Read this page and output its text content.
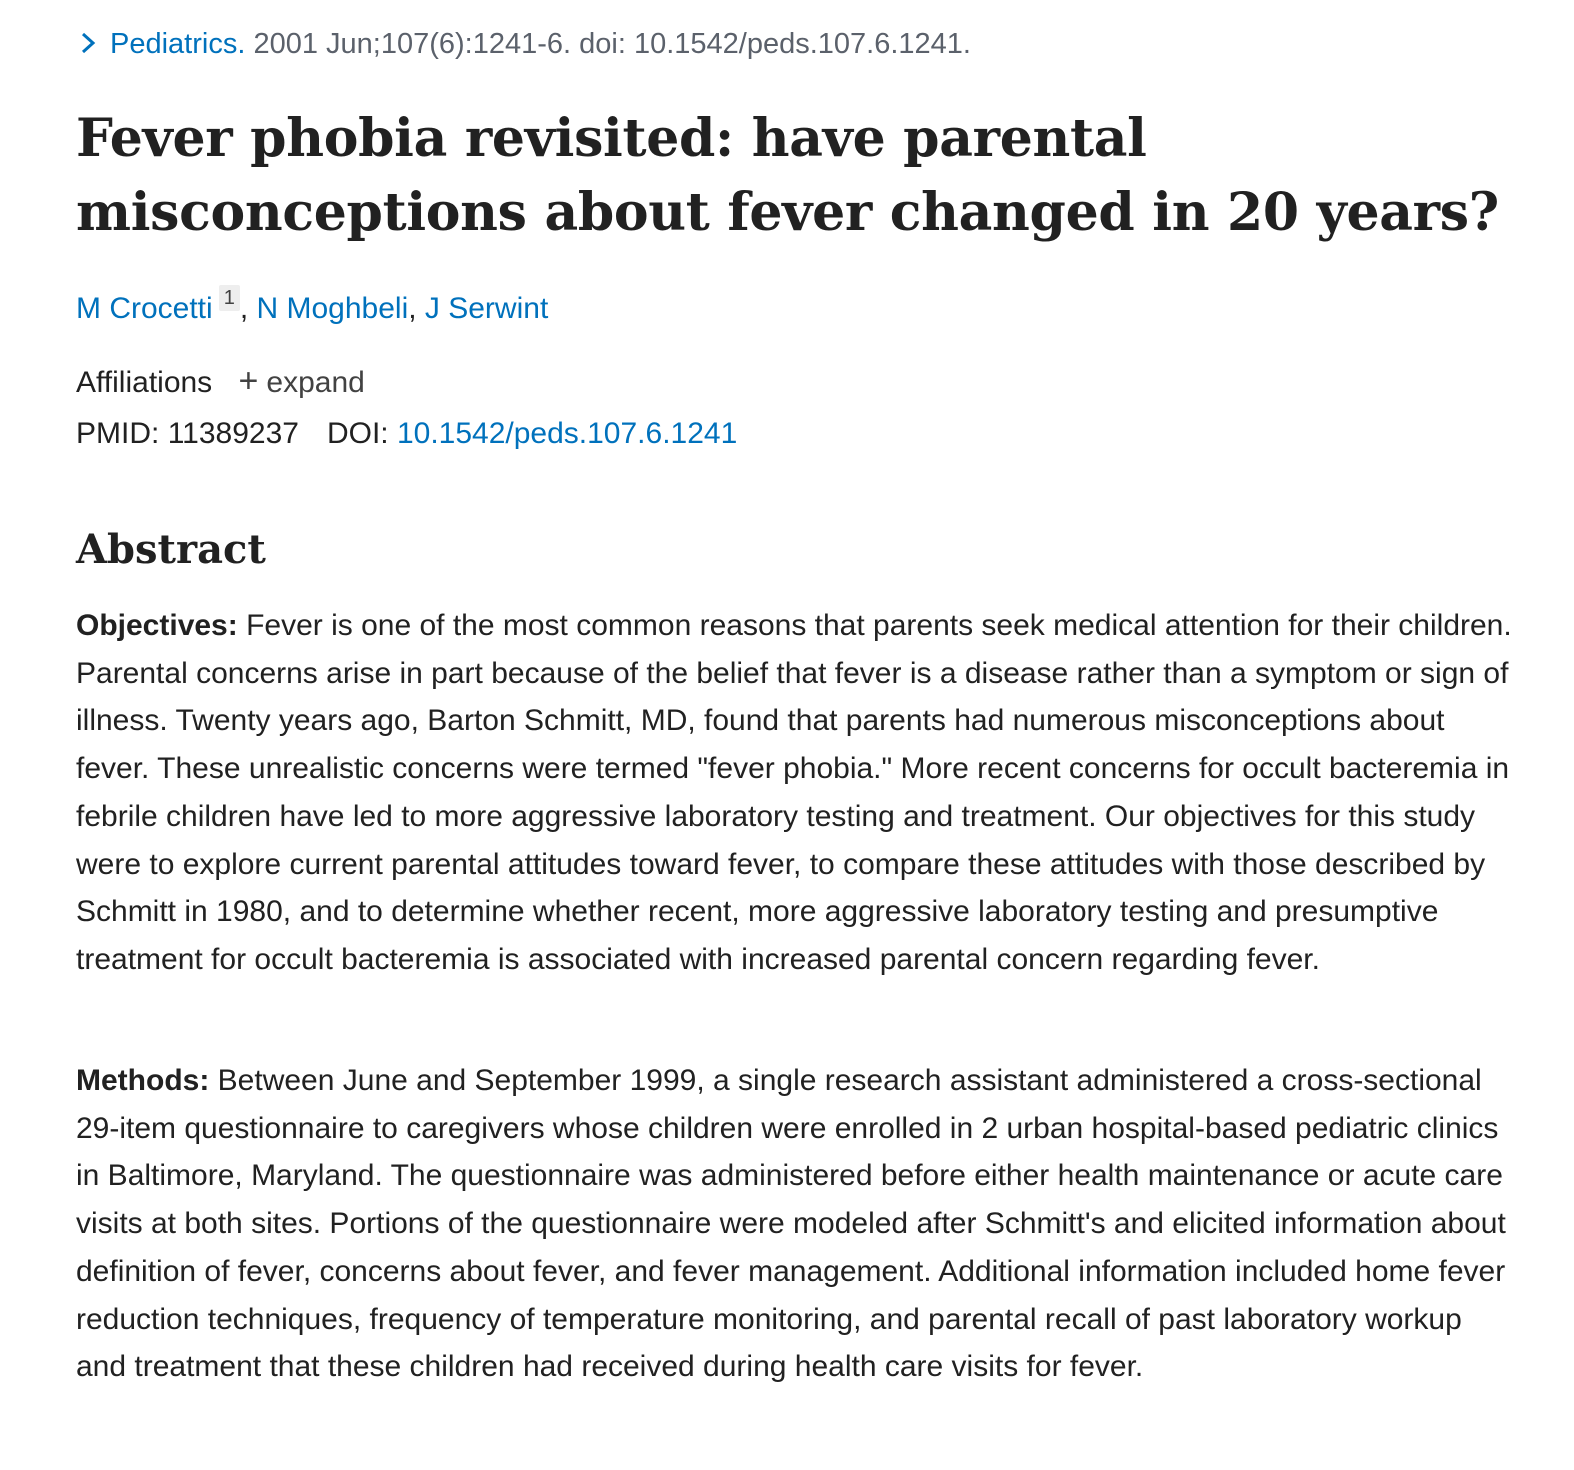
Pediatrics. 2001 Jun;107(6):1241-6. doi: 10.1542/peds.107.6.1241.
Fever phobia revisited: have parental misconceptions about fever changed in 20 years?
M Crocetti 1 , N Moghbeli, J Serwint
Affiliations + expand
PMID: 11389237 DOI: 10.1542/peds.107.6.1241
Abstract

Objectives: Fever is one of the most common reasons that parents seek medical attention for their children. Parental concerns arise in part because of the belief that fever is a disease rather than a symptom or sign of illness. Twenty years ago, Barton Schmitt, MD, found that parents had numerous misconceptions about fever. These unrealistic concerns were termed "fever phobia." More recent concerns for occult bacteremia in febrile children have led to more aggressive laboratory testing and treatment. Our objectives for this study were to explore current parental attitudes toward fever, to compare these attitudes with those described by Schmitt in 1980, and to determine whether recent, more aggressive laboratory testing and presumptive treatment for occult bacteremia is associated with increased parental concern regarding fever.

Methods: Between June and September 1999, a single research assistant administered a cross-sectional 29-item questionnaire to caregivers whose children were enrolled in 2 urban hospital-based pediatric clinics in Baltimore, Maryland. The questionnaire was administered before either health maintenance or acute care visits at both sites. Portions of the questionnaire were modeled after Schmitt's and elicited information about definition of fever, concerns about fever, and fever management. Additional information included home fever reduction techniques, frequency of temperature monitoring, and parental recall of past laboratory workup and treatment that these children had received during health care visits for fever.
